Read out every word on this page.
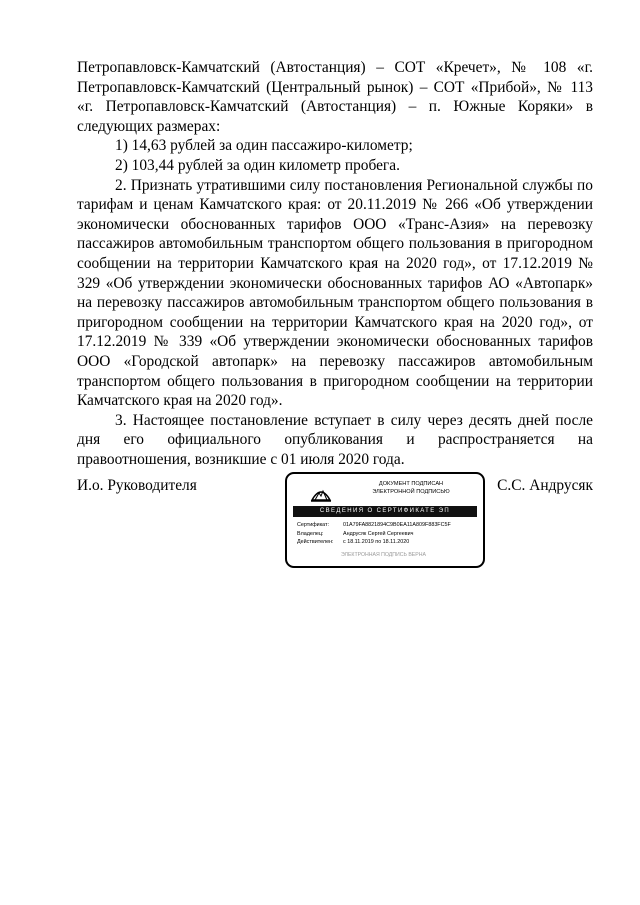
Петропавловск-Камчатский (Автостанция) – СОТ «Кречет», № 108 «г. Петропавловск-Камчатский (Центральный рынок) – СОТ «Прибой», № 113 «г. Петропавловск-Камчатский (Автостанция) – п. Южные Коряки» в следующих размерах:

1) 14,63 рублей за один пассажиро-километр;

2) 103,44 рублей за один километр пробега.

2. Признать утратившими силу постановления Региональной службы по тарифам и ценам Камчатского края: от 20.11.2019 № 266 «Об утверждении экономически обоснованных тарифов ООО «Транс-Азия» на перевозку пассажиров автомобильным транспортом общего пользования в пригородном сообщении на территории Камчатского края на 2020 год», от 17.12.2019 № 329 «Об утверждении экономически обоснованных тарифов АО «Автопарк» на перевозку пассажиров автомобильным транспортом общего пользования в пригородном сообщении на территории Камчатского края на 2020 год», от 17.12.2019 № 339 «Об утверждении экономически обоснованных тарифов ООО «Городской автопарк» на перевозку пассажиров автомобильным транспортом общего пользования в пригородном сообщении на территории Камчатского края на 2020 год».

3. Настоящее постановление вступает в силу через десять дней после дня его официального опубликования и распространяется на правоотношения, возникшие с 01 июля 2020 года.

И.о. Руководителя	С.С. Андрусяк
ДОКУМЕНТ ПОДПИСАН
ЭЛЕКТРОННОЙ ПОДПИСЬЮ
СВЕДЕНИЯ О СЕРТИФИКАТЕ ЭП
Сертификат:	01A79FA8821894C9B0EA11A809F883FC5F
Владелец:	Андрусяк Сергей Сергеевич
Действителен:	с 18.11.2019 по 18.11.2020
ЭЛЕКТРОННАЯ ПОДПИСЬ ВЕРНА
